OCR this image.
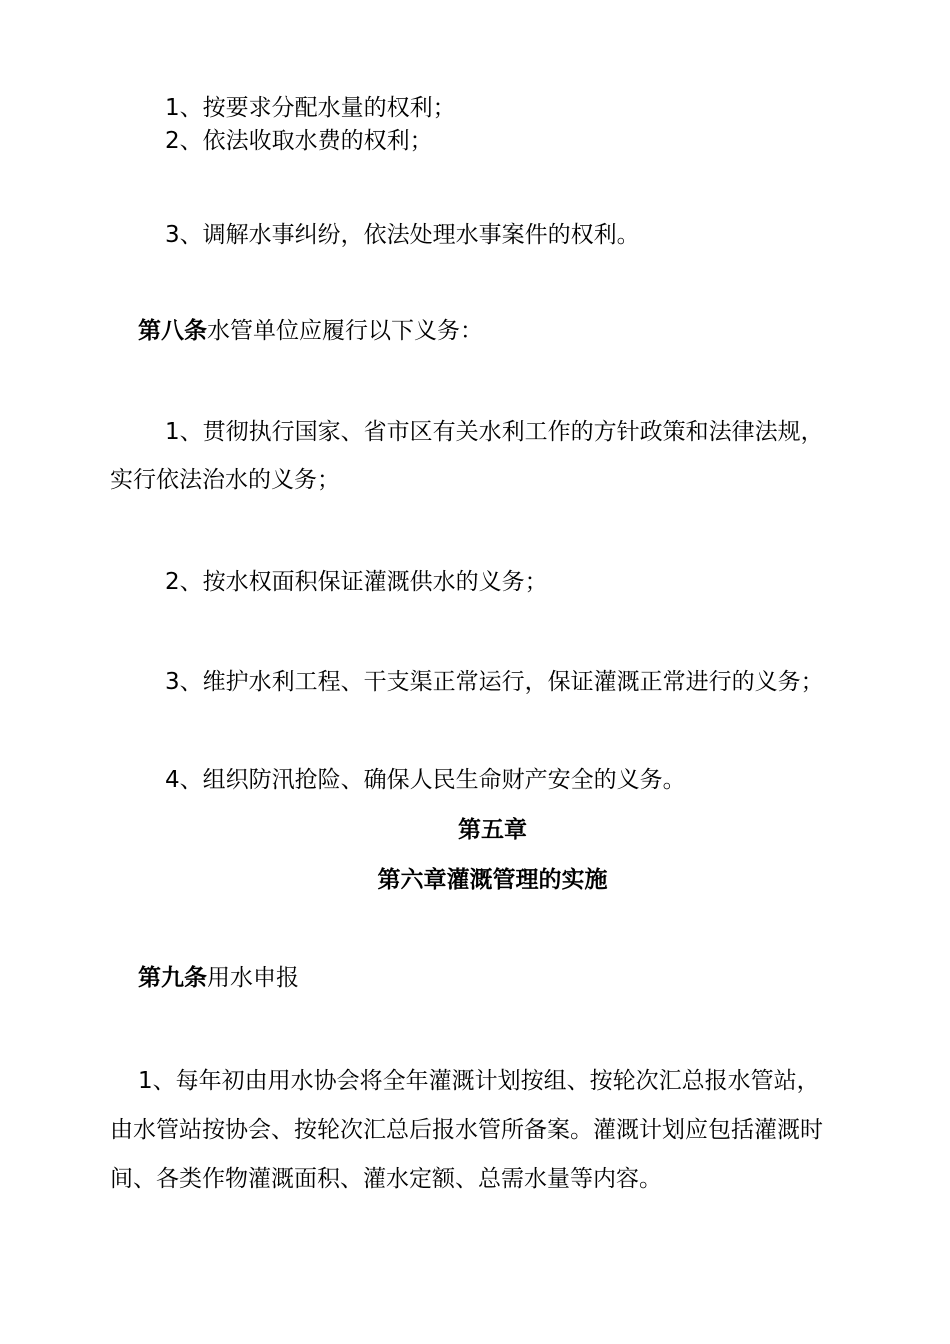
1、按要求分配水量的权利；
2、依法收取水费的权利；
3、调解水事纠纷，依法处理水事案件的权利。
第八条水管单位应履行以下义务：
1、贯彻执行国家、省市区有关水利工作的方针政策和法律法规，
实行依法治水的义务；
2、按水权面积保证灌溉供水的义务；
3、维护水利工程、干支渠正常运行，保证灌溉正常进行的义务；
4、组织防汛抢险、确保人民生命财产安全的义务。
第五章
第六章灌溉管理的实施
第九条用水申报
1、每年初由用水协会将全年灌溉计划按组、按轮次汇总报水管站，
由水管站按协会、按轮次汇总后报水管所备案。灌溉计划应包括灌溉时
间、各类作物灌溉面积、灌水定额、总需水量等内容。
